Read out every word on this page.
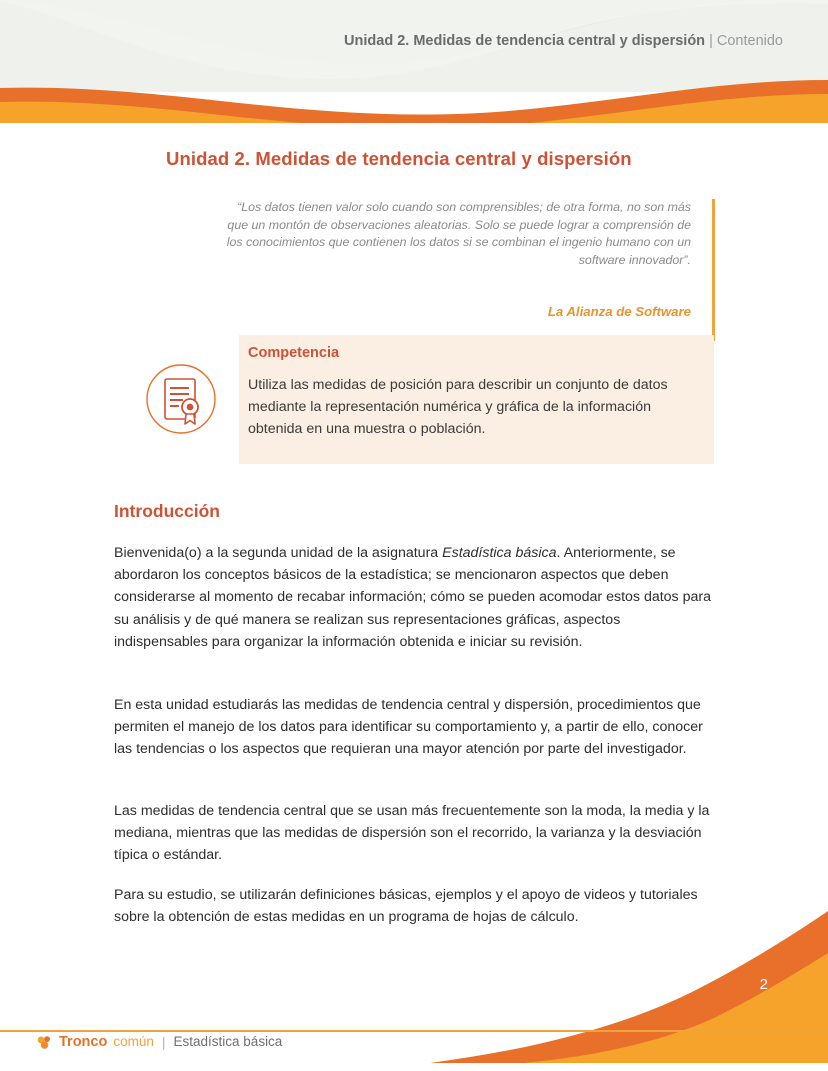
Unidad 2. Medidas de tendencia central y dispersión | Contenido
Unidad 2. Medidas de tendencia central y dispersión
“Los datos tienen valor solo cuando son comprensibles; de otra forma, no son más que un montón de observaciones aleatorias. Solo se puede lograr a comprensión de los conocimientos que contienen los datos si se combinan el ingenio humano con un software innovador”.
La Alianza de Software
Competencia
Utiliza las medidas de posición para describir un conjunto de datos mediante la representación numérica y gráfica de la información obtenida en una muestra o población.
Introducción
Bienvenida(o) a la segunda unidad de la asignatura Estadística básica. Anteriormente, se abordaron los conceptos básicos de la estadística; se mencionaron aspectos que deben considerarse al momento de recabar información; cómo se pueden acomodar estos datos para su análisis y de qué manera se realizan sus representaciones gráficas, aspectos indispensables para organizar la información obtenida e iniciar su revisión.
En esta unidad estudiarás las medidas de tendencia central y dispersión, procedimientos que permiten el manejo de los datos para identificar su comportamiento y, a partir de ello, conocer las tendencias o los aspectos que requieran una mayor atención por parte del investigador.
Las medidas de tendencia central que se usan más frecuentemente son la moda, la media y la mediana, mientras que las medidas de dispersión son el recorrido, la varianza y la desviación típica o estándar.
Para su estudio, se utilizarán definiciones básicas, ejemplos y el apoyo de videos y tutoriales sobre la obtención de estas medidas en un programa de hojas de cálculo.
2
Tronco común | Estadística básica
